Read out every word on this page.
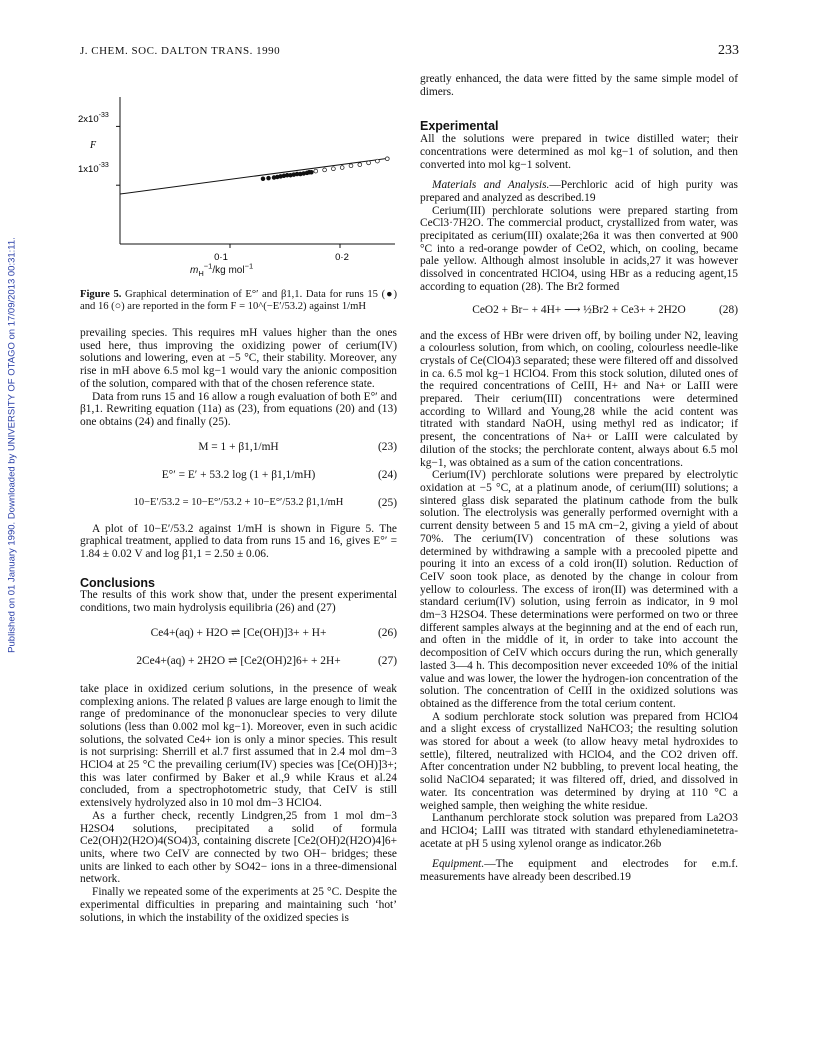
Published on 01 January 1990. Downloaded by UNIVERSITY OF OTAGO on 17/09/2013 00:31:11.
J. CHEM. SOC. DALTON TRANS. 1990	233
F
$2x10^{-33}$
$1x10^{-33}$
0·1	0·2
$m_H^{-1}/kg$ mol$^{-1}$
Figure 5. Graphical determination of E°′ and β1,1. Data for runs 15 (●) and 16 (○) are reported in the form F = 10^(−E′/53.2) against 1/mH

prevailing species. This requires mH values higher than the ones used here, thus improving the oxidizing power of cerium(IV) solutions and lowering, even at −5 °C, their stability. Moreover, any rise in mH above 6.5 mol kg−1 would vary the anionic composition of the solution, compared with that of the chosen reference state.

Data from runs 15 and 16 allow a rough evaluation of both E°′ and β1,1. Rewriting equation (11a) as (23), from equations (20) and (13) one obtains (24) and finally (25).

M = 1 + β1,1/mH	(23)
E°′ = E′ + 53.2 log (1 + β1,1/mH)	(24)
10−E′/53.2 = 10−E°′/53.2 + 10−E°′/53.2 β1,1/mH	(25)

A plot of 10−E′/53.2 against 1/mH is shown in Figure 5. The graphical treatment, applied to data from runs 15 and 16, gives E°′ = 1.84 ± 0.02 V and log β1,1 = 2.50 ± 0.06.

Conclusions

The results of this work show that, under the present experimental conditions, two main hydrolysis equilibria (26) and (27)

Ce4+(aq) + H2O ⇌ [Ce(OH)]3+ + H+	(26)
2Ce4+(aq) + 2H2O ⇌ [Ce2(OH)2]6+ + 2H+	(27)

take place in oxidized cerium solutions, in the presence of weak complexing anions. The related β values are large enough to limit the range of predominance of the mononuclear species to very dilute solutions (less than 0.002 mol kg−1). Moreover, even in such acidic solutions, the solvated Ce4+ ion is only a minor species. This result is not surprising: Sherrill et al.7 first assumed that in 2.4 mol dm−3 HClO4 at 25 °C the prevailing cerium(IV) species was [Ce(OH)]3+; this was later confirmed by Baker et al.,9 while Kraus et al.24 concluded, from a spectrophotometric study, that CeIV is still extensively hydrolyzed also in 10 mol dm−3 HClO4.

As a further check, recently Lindgren,25 from 1 mol dm−3 H2SO4 solutions, precipitated a solid of formula Ce2(OH)2(H2O)4(SO4)3, containing discrete [Ce2(OH)2(H2O)4]6+ units, where two CeIV are connected by two OH− bridges; these units are linked to each other by SO42− ions in a three-dimensional network.

Finally we repeated some of the experiments at 25 °C. Despite the experimental difficulties in preparing and maintaining such ‘hot’ solutions, in which the instability of the oxidized species is

greatly enhanced, the data were fitted by the same simple model of dimers.

Experimental

All the solutions were prepared in twice distilled water; their concentrations were determined as mol kg−1 of solution, and then converted into mol kg−1 solvent.

Materials and Analysis.—Perchloric acid of high purity was prepared and analyzed as described.19

Cerium(III) perchlorate solutions were prepared starting from CeCl3·7H2O. The commercial product, crystallized from water, was precipitated as cerium(III) oxalate;26a it was then converted at 900 °C into a red-orange powder of CeO2, which, on cooling, became pale yellow. Although almost insoluble in acids,27 it was however dissolved in concentrated HClO4, using HBr as a reducing agent,15 according to equation (28). The Br2 formed

CeO2 + Br− + 4H+ ⟶ ½Br2 + Ce3+ + 2H2O	(28)

and the excess of HBr were driven off, by boiling under N2, leaving a colourless solution, from which, on cooling, colourless needle-like crystals of Ce(ClO4)3 separated; these were filtered off and dissolved in ca. 6.5 mol kg−1 HClO4. From this stock solution, diluted ones of the required concentrations of CeIII, H+ and Na+ or LaIII were prepared. Their cerium(III) concentrations were determined according to Willard and Young,28 while the acid content was titrated with standard NaOH, using methyl red as indicator; if present, the concentrations of Na+ or LaIII were calculated by dilution of the stocks; the perchlorate content, always about 6.5 mol kg−1, was obtained as a sum of the cation concentrations.

Cerium(IV) perchlorate solutions were prepared by electrolytic oxidation at −5 °C, at a platinum anode, of cerium(III) solutions; a sintered glass disk separated the platinum cathode from the bulk solution. The electrolysis was generally performed overnight with a current density between 5 and 15 mA cm−2, giving a yield of about 70%. The cerium(IV) concentration of these solutions was determined by withdrawing a sample with a precooled pipette and pouring it into an excess of a cold iron(II) solution. Reduction of CeIV soon took place, as denoted by the change in colour from yellow to colourless. The excess of iron(II) was determined with a standard cerium(IV) solution, using ferroin as indicator, in 9 mol dm−3 H2SO4. These determinations were performed on two or three different samples always at the beginning and at the end of each run, and often in the middle of it, in order to take into account the decomposition of CeIV which occurs during the run, which generally lasted 3—4 h. This decomposition never exceeded 10% of the initial value and was lower, the lower the hydrogen-ion concentration of the solution. The concentration of CeIII in the oxidized solutions was obtained as the difference from the total cerium content.

A sodium perchlorate stock solution was prepared from HClO4 and a slight excess of crystallized NaHCO3; the resulting solution was stored for about a week (to allow heavy metal hydroxides to settle), filtered, neutralized with HClO4, and the CO2 driven off. After concentration under N2 bubbling, to prevent local heating, the solid NaClO4 separated; it was filtered off, dried, and dissolved in water. Its concentration was determined by drying at 110 °C a weighed sample, then weighing the white residue.

Lanthanum perchlorate stock solution was prepared from La2O3 and HClO4; LaIII was titrated with standard ethylenediaminetetra-acetate at pH 5 using xylenol orange as indicator.26b

Equipment.—The equipment and electrodes for e.m.f. measurements have already been described.19
